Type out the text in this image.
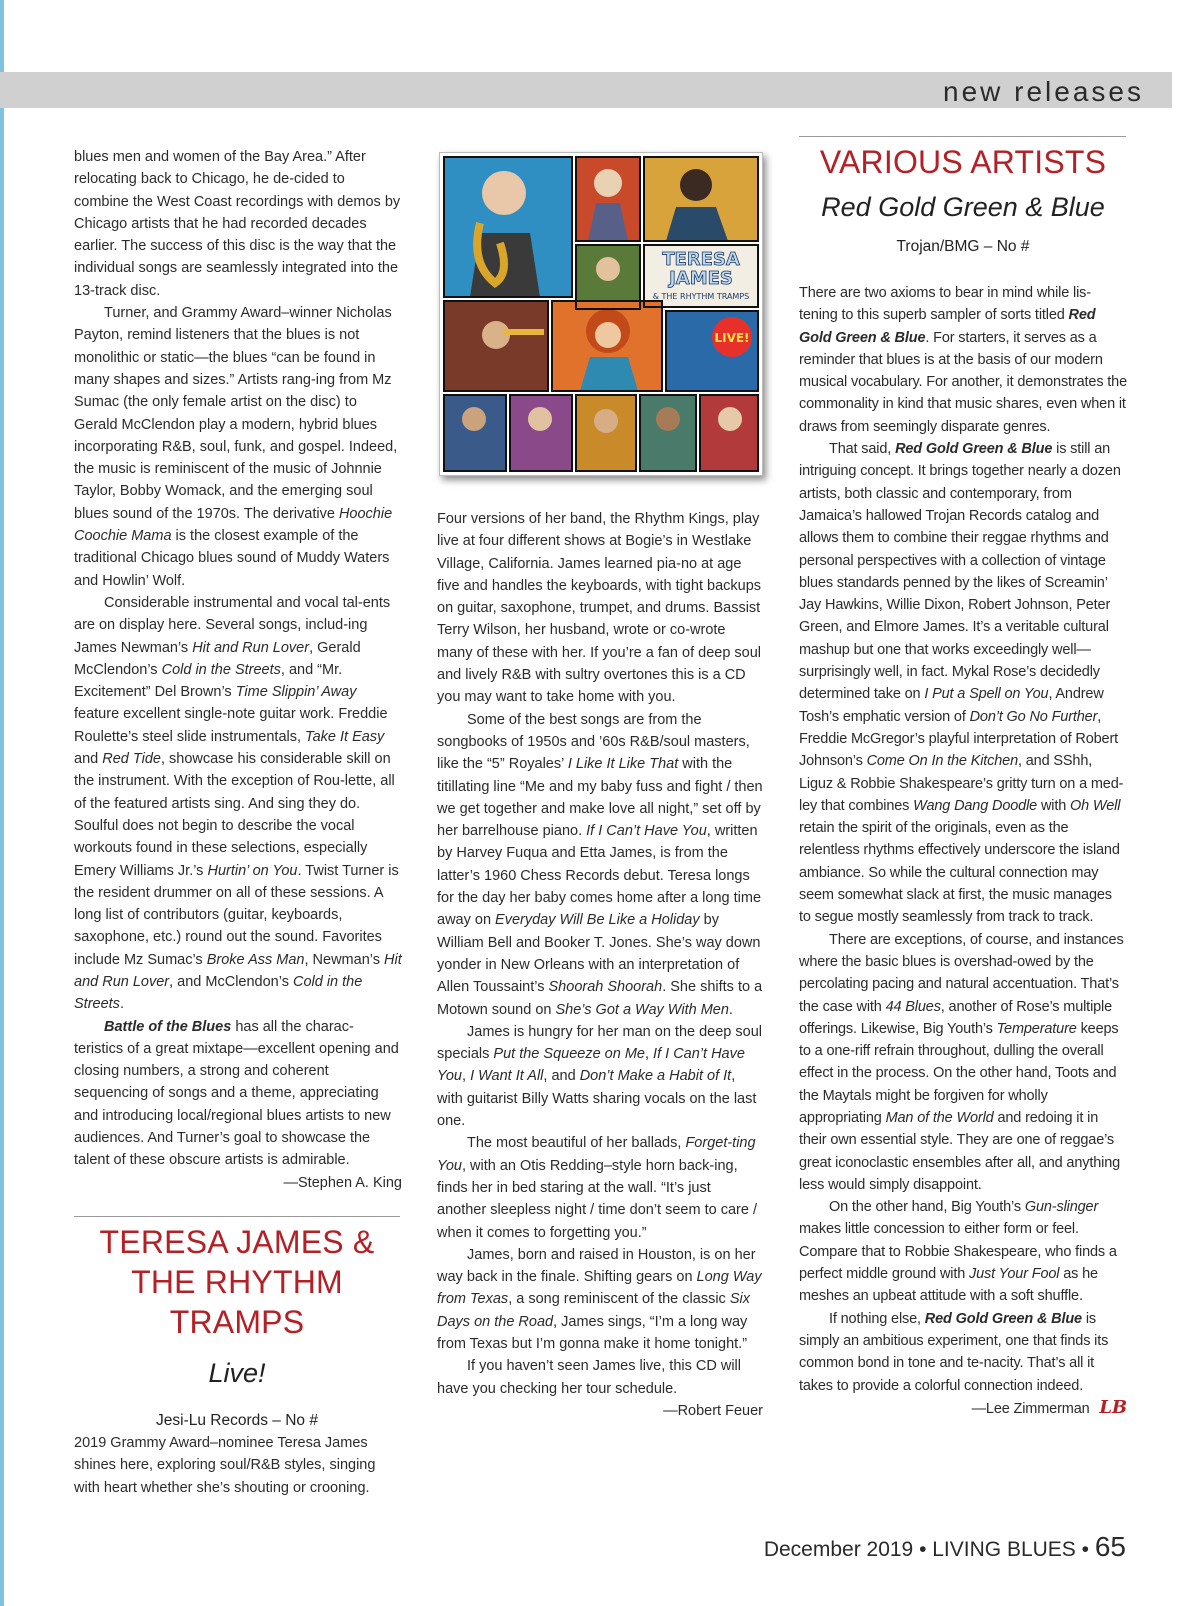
new releases

blues men and women of the Bay Area.” After relocating back to Chicago, he de-cided to combine the West Coast recordings with demos by Chicago artists that he had recorded decades earlier. The success of this disc is the way that the individual songs are seamlessly integrated into the 13-track disc.

Turner, and Grammy Award–winner Nicholas Payton, remind listeners that the blues is not monolithic or static—the blues “can be found in many shapes and sizes.” Artists rang-ing from Mz Sumac (the only female artist on the disc) to Gerald McClendon play a modern, hybrid blues incorporating R&B, soul, funk, and gospel. Indeed, the music is reminiscent of the music of Johnnie Taylor, Bobby Womack, and the emerging soul blues sound of the 1970s. The derivative Hoochie Coochie Mama is the closest example of the traditional Chicago blues sound of Muddy Waters and Howlin’ Wolf.

Considerable instrumental and vocal tal-ents are on display here. Several songs, includ-ing James Newman’s Hit and Run Lover, Gerald McClendon’s Cold in the Streets, and “Mr. Excitement” Del Brown’s Time Slippin’ Away feature excellent single-note guitar work. Freddie Roulette’s steel slide instrumentals, Take It Easy and Red Tide, showcase his considerable skill on the instrument. With the exception of Rou-lette, all of the featured artists sing. And sing they do. Soulful does not begin to describe the vocal workouts found in these selections, especially Emery Williams Jr.’s Hurtin’ on You. Twist Turner is the resident drummer on all of these sessions. A long list of contributors (guitar, keyboards, saxophone, etc.) round out the sound. Favorites include Mz Sumac’s Broke Ass Man, Newman’s Hit and Run Lover, and McClendon’s Cold in the Streets.

Battle of the Blues has all the charac-teristics of a great mixtape—excellent opening and closing numbers, a strong and coherent sequencing of songs and a theme, appreciating and introducing local/regional blues artists to new audiences. And Turner’s goal to showcase the talent of these obscure artists is admirable.

—Stephen A. King

TERESA JAMES &
THE RHYTHM TRAMPS
Live!
Jesi-Lu Records – No #

2019 Grammy Award–nominee Teresa James shines here, exploring soul/R&B styles, singing with heart whether she’s shouting or crooning.

TERESA
JAMES
& THE RHYTHM TRAMPS
LIVE!

Four versions of her band, the Rhythm Kings, play live at four different shows at Bogie’s in Westlake Village, California. James learned pia-no at age five and handles the keyboards, with tight backups on guitar, saxophone, trumpet, and drums. Bassist Terry Wilson, her husband, wrote or co-wrote many of these with her. If you’re a fan of deep soul and lively R&B with sultry overtones this is a CD you may want to take home with you.

Some of the best songs are from the songbooks of 1950s and ’60s R&B/soul masters, like the “5” Royales’ I Like It Like That with the titillating line “Me and my baby fuss and fight / then we get together and make love all night,” set off by her barrelhouse piano. If I Can’t Have You, written by Harvey Fuqua and Etta James, is from the latter’s 1960 Chess Records debut. Teresa longs for the day her baby comes home after a long time away on Everyday Will Be Like a Holiday by William Bell and Booker T. Jones. She’s way down yonder in New Orleans with an interpretation of Allen Toussaint’s Shoorah Shoorah. She shifts to a Motown sound on She’s Got a Way With Men.

James is hungry for her man on the deep soul specials Put the Squeeze on Me, If I Can’t Have You, I Want It All, and Don’t Make a Habit of It, with guitarist Billy Watts sharing vocals on the last one.

The most beautiful of her ballads, Forget-ting You, with an Otis Redding–style horn back-ing, finds her in bed staring at the wall. “It’s just another sleepless night / time don’t seem to care / when it comes to forgetting you.”

James, born and raised in Houston, is on her way back in the finale. Shifting gears on Long Way from Texas, a song reminiscent of the classic Six Days on the Road, James sings, “I’m a long way from Texas but I’m gonna make it home tonight.”

If you haven’t seen James live, this CD will have you checking her tour schedule.

—Robert Feuer

VARIOUS ARTISTS
Red Gold Green & Blue
Trojan/BMG – No #

There are two axioms to bear in mind while lis-tening to this superb sampler of sorts titled Red Gold Green & Blue. For starters, it serves as a reminder that blues is at the basis of our modern musical vocabulary. For another, it demonstrates the commonality in kind that music shares, even when it draws from seemingly disparate genres.

That said, Red Gold Green & Blue is still an intriguing concept. It brings together nearly a dozen artists, both classic and contemporary, from Jamaica’s hallowed Trojan Records catalog and allows them to combine their reggae rhythms and personal perspectives with a collection of vintage blues standards penned by the likes of Screamin’ Jay Hawkins, Willie Dixon, Robert Johnson, Peter Green, and Elmore James. It’s a veritable cultural mashup but one that works exceedingly well—surprisingly well, in fact. Mykal Rose’s decidedly determined take on I Put a Spell on You, Andrew Tosh’s emphatic version of Don’t Go No Further, Freddie McGregor’s playful interpretation of Robert Johnson’s Come On In the Kitchen, and SShh, Liguz & Robbie Shakespeare’s gritty turn on a med-ley that combines Wang Dang Doodle with Oh Well retain the spirit of the originals, even as the relentless rhythms effectively underscore the island ambiance. So while the cultural connection may seem somewhat slack at first, the music manages to segue mostly seamlessly from track to track.

There are exceptions, of course, and instances where the basic blues is overshad-owed by the percolating pacing and natural accentuation. That’s the case with 44 Blues, another of Rose’s multiple offerings. Likewise, Big Youth’s Temperature keeps to a one-riff refrain throughout, dulling the overall effect in the process. On the other hand, Toots and the Maytals might be forgiven for wholly appropriating Man of the World and redoing it in their own essential style. They are one of reggae’s great iconoclastic ensembles after all, and anything less would simply disappoint.

On the other hand, Big Youth’s Gun-slinger makes little concession to either form or feel. Compare that to Robbie Shakespeare, who finds a perfect middle ground with Just Your Fool as he meshes an upbeat attitude with a soft shuffle.

If nothing else, Red Gold Green & Blue is simply an ambitious experiment, one that finds its common bond in tone and te-nacity. That’s all it takes to provide a colorful connection indeed.

—Lee Zimmerman LB

December 2019 • LIVING BLUES • 65
